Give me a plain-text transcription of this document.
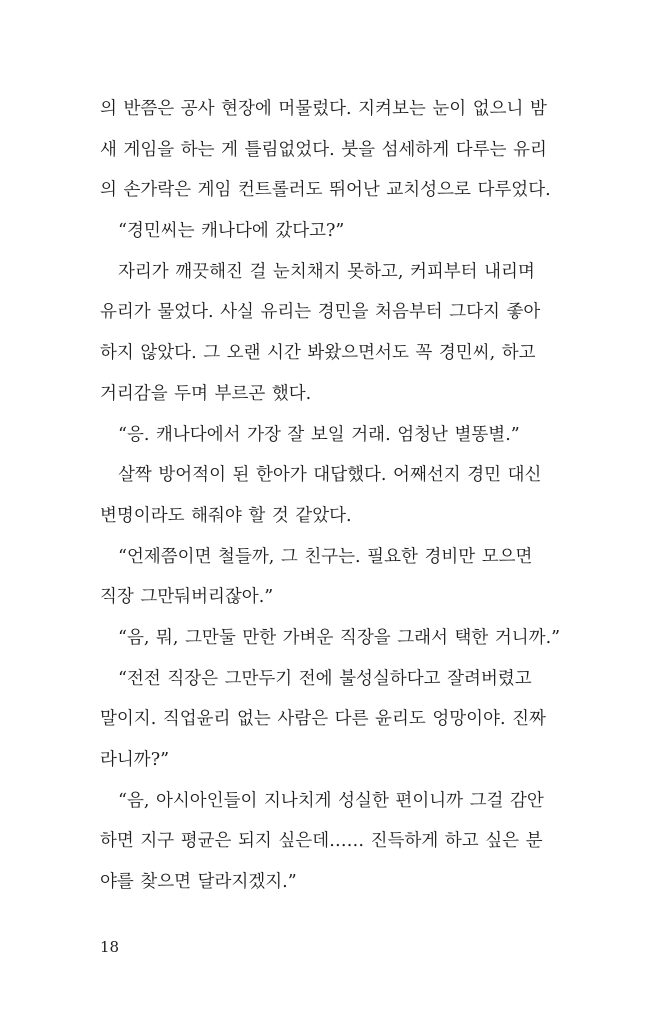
의 반쯤은 공사 현장에 머물렀다. 지켜보는 눈이 없으니 밤
새 게임을 하는 게 틀림없었다. 붓을 섬세하게 다루는 유리
의 손가락은 게임 컨트롤러도 뛰어난 교치성으로 다루었다.
“경민씨는 캐나다에 갔다고?”
자리가 깨끗해진 걸 눈치채지 못하고, 커피부터 내리며
유리가 물었다. 사실 유리는 경민을 처음부터 그다지 좋아
하지 않았다. 그 오랜 시간 봐왔으면서도 꼭 경민씨, 하고
거리감을 두며 부르곤 했다.
“응. 캐나다에서 가장 잘 보일 거래. 엄청난 별똥별.”
살짝 방어적이 된 한아가 대답했다. 어째선지 경민 대신
변명이라도 해줘야 할 것 같았다.
“언제쯤이면 철들까, 그 친구는. 필요한 경비만 모으면
직장 그만둬버리잖아.”
“음, 뭐, 그만둘 만한 가벼운 직장을 그래서 택한 거니까.”
“전전 직장은 그만두기 전에 불성실하다고 잘려버렸고
말이지. 직업윤리 없는 사람은 다른 윤리도 엉망이야. 진짜
라니까?”
“음, 아시아인들이 지나치게 성실한 편이니까 그걸 감안
하면 지구 평균은 되지 싶은데…… 진득하게 하고 싶은 분
야를 찾으면 달라지겠지.”
18
